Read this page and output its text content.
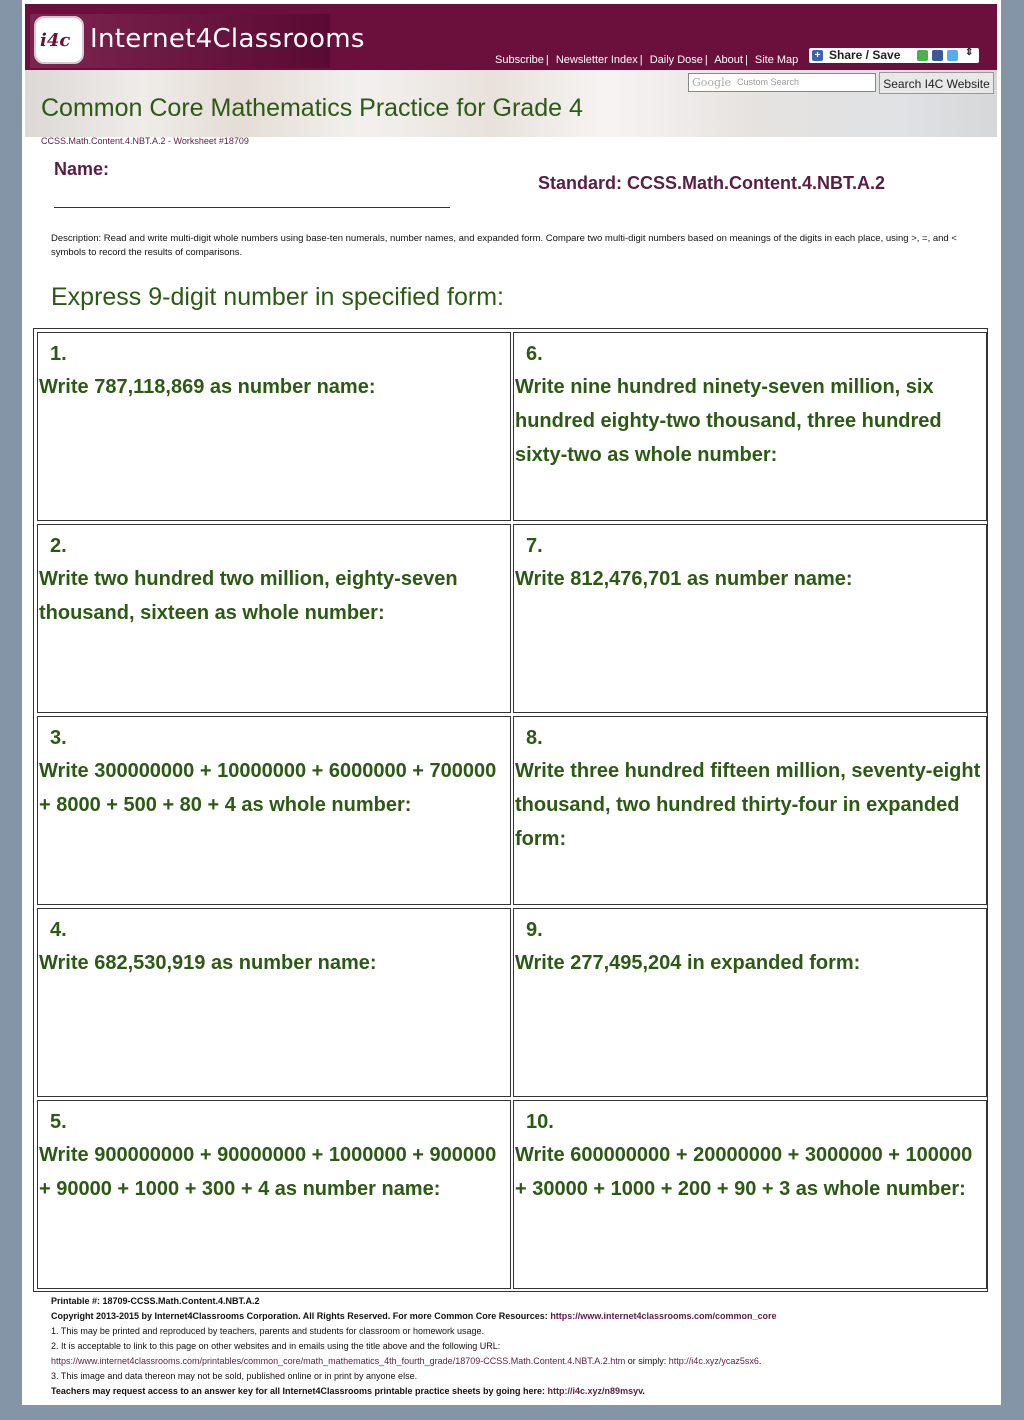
i4c Internet4Classrooms
Subscribe | Newsletter Index | Daily Dose | About | Site Map + Share / Save	⇕
Google Custom Search	Search I4C Website
Common Core Mathematics Practice for Grade 4
CCSS.Math.Content.4.NBT.A.2 - Worksheet #18709
Name:
Standard: CCSS.Math.Content.4.NBT.A.2
Description: Read and write multi-digit whole numbers using base-ten numerals, number names, and expanded form. Compare two multi-digit numbers based on meanings of the digits in each place, using >, =, and < symbols to record the results of comparisons.
Express 9-digit number in specified form:
1.
Write 787,118,869 as number name:
6.
Write nine hundred ninety-seven million, six hundred eighty-two thousand, three hundred sixty-two as whole number:
2.
Write two hundred two million, eighty-seven thousand, sixteen as whole number:
7.
Write 812,476,701 as number name:
3.
Write 300000000 + 10000000 + 6000000 + 700000 + 8000 + 500 + 80 + 4 as whole number:
8.
Write three hundred fifteen million, seventy-eight thousand, two hundred thirty-four in expanded form:
4.
Write 682,530,919 as number name:
9.
Write 277,495,204 in expanded form:
5.
Write 900000000 + 90000000 + 1000000 + 900000 + 90000 + 1000 + 300 + 4 as number name:
10.
Write 600000000 + 20000000 + 3000000 + 100000 + 30000 + 1000 + 200 + 90 + 3 as whole number:
Printable #: 18709-CCSS.Math.Content.4.NBT.A.2
Copyright 2013-2015 by Internet4Classrooms Corporation. All Rights Reserved. For more Common Core Resources: https://www.internet4classrooms.com/common_core
1. This may be printed and reproduced by teachers, parents and students for classroom or homework usage.
2. It is acceptable to link to this page on other websites and in emails using the title above and the following URL:
https://www.internet4classrooms.com/printables/common_core/math_mathematics_4th_fourth_grade/18709-CCSS.Math.Content.4.NBT.A.2.htm or simply: http://i4c.xyz/ycaz5sx6.
3. This image and data thereon may not be sold, published online or in print by anyone else.
Teachers may request access to an answer key for all Internet4Classrooms printable practice sheets by going here: http://i4c.xyz/n89msyv.
